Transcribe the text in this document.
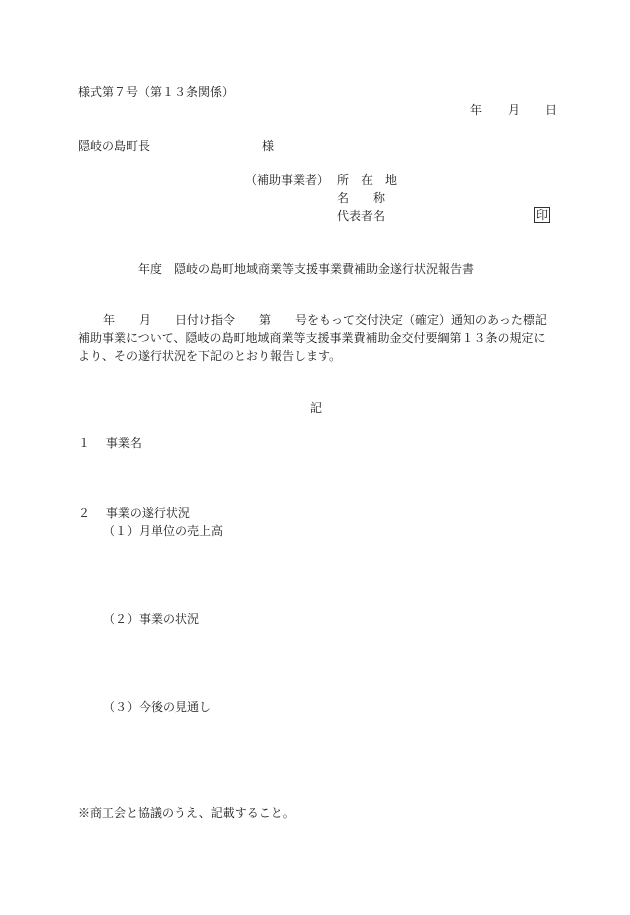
様式第７号（第１３条関係）
年 月 日
隠岐の島町長	様
（補助事業者） 所　在　地
名　　称
代表者名	印
年度　隠岐の島町地域商業等支援事業費補助金遂行状況報告書
年　　月　　日付け指令　　第　　号をもって交付決定（確定）通知のあった標記
補助事業について、隠岐の島町地域商業等支援事業費補助金交付要綱第１３条の規定に
より、その遂行状況を下記のとおり報告します。
記
１　 事業名
２　 事業の遂行状況
（１）月単位の売上高
（２）事業の状況
（３）今後の見通し
※商工会と協議のうえ、記載すること。
